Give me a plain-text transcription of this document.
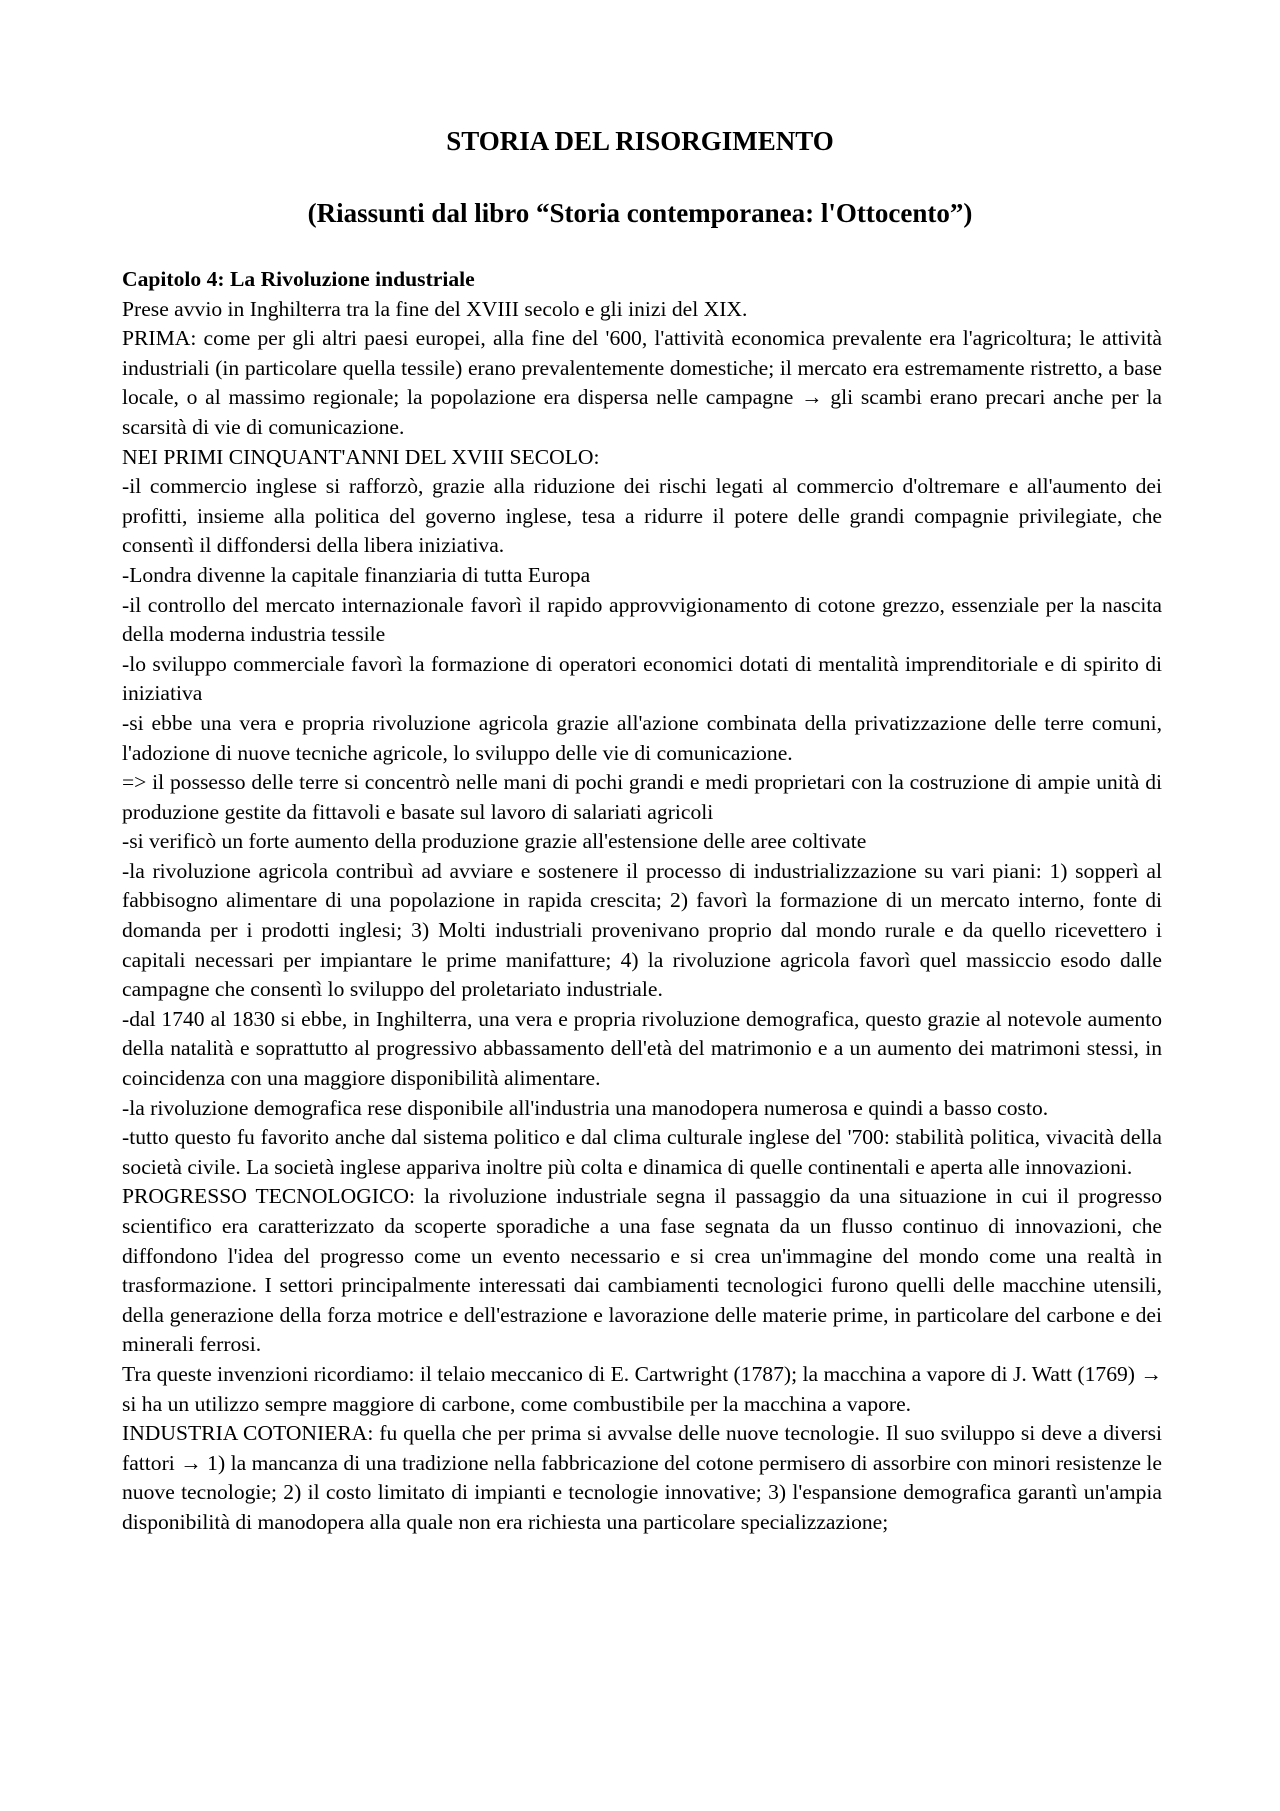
STORIA DEL RISORGIMENTO
(Riassunti dal libro “Storia contemporanea: l'Ottocento”)
Capitolo 4: La Rivoluzione industriale

Prese avvio in Inghilterra tra la fine del XVIII secolo e gli inizi del XIX.

PRIMA: come per gli altri paesi europei, alla fine del '600, l'attività economica prevalente era l'agricoltura; le attività industriali (in particolare quella tessile) erano prevalentemente domestiche; il mercato era estremamente ristretto, a base locale, o al massimo regionale; la popolazione era dispersa nelle campagne → gli scambi erano precari anche per la scarsità di vie di comunicazione.

NEI PRIMI CINQUANT'ANNI DEL XVIII SECOLO:

-il commercio inglese si rafforzò, grazie alla riduzione dei rischi legati al commercio d'oltremare e all'aumento dei profitti, insieme alla politica del governo inglese, tesa a ridurre il potere delle grandi compagnie privilegiate, che consentì il diffondersi della libera iniziativa.

-Londra divenne la capitale finanziaria di tutta Europa

-il controllo del mercato internazionale favorì il rapido approvvigionamento di cotone grezzo, essenziale per la nascita della moderna industria tessile

-lo sviluppo commerciale favorì la formazione di operatori economici dotati di mentalità imprenditoriale e di spirito di iniziativa

-si ebbe una vera e propria rivoluzione agricola grazie all'azione combinata della privatizzazione delle terre comuni, l'adozione di nuove tecniche agricole, lo sviluppo delle vie di comunicazione.

=> il possesso delle terre si concentrò nelle mani di pochi grandi e medi proprietari con la costruzione di ampie unità di produzione gestite da fittavoli e basate sul lavoro di salariati agricoli

-si verificò un forte aumento della produzione grazie all'estensione delle aree coltivate

-la rivoluzione agricola contribuì ad avviare e sostenere il processo di industrializzazione su vari piani: 1) sopperì al fabbisogno alimentare di una popolazione in rapida crescita; 2) favorì la formazione di un mercato interno, fonte di domanda per i prodotti inglesi; 3) Molti industriali provenivano proprio dal mondo rurale e da quello ricevettero i capitali necessari per impiantare le prime manifatture; 4) la rivoluzione agricola favorì quel massiccio esodo dalle campagne che consentì lo sviluppo del proletariato industriale.

-dal 1740 al 1830 si ebbe, in Inghilterra, una vera e propria rivoluzione demografica, questo grazie al notevole aumento della natalità e soprattutto al progressivo abbassamento dell'età del matrimonio e a un aumento dei matrimoni stessi, in coincidenza con una maggiore disponibilità alimentare.

-la rivoluzione demografica rese disponibile all'industria una manodopera numerosa e quindi a basso costo.

-tutto questo fu favorito anche dal sistema politico e dal clima culturale inglese del '700: stabilità politica, vivacità della società civile. La società inglese appariva inoltre più colta e dinamica di quelle continentali e aperta alle innovazioni.

PROGRESSO TECNOLOGICO: la rivoluzione industriale segna il passaggio da una situazione in cui il progresso scientifico era caratterizzato da scoperte sporadiche a una fase segnata da un flusso continuo di innovazioni, che diffondono l'idea del progresso come un evento necessario e si crea un'immagine del mondo come una realtà in trasformazione. I settori principalmente interessati dai cambiamenti tecnologici furono quelli delle macchine utensili, della generazione della forza motrice e dell'estrazione e lavorazione delle materie prime, in particolare del carbone e dei minerali ferrosi.

Tra queste invenzioni ricordiamo: il telaio meccanico di E. Cartwright (1787); la macchina a vapore di J. Watt (1769) → si ha un utilizzo sempre maggiore di carbone, come combustibile per la macchina a vapore.

INDUSTRIA COTONIERA: fu quella che per prima si avvalse delle nuove tecnologie. Il suo sviluppo si deve a diversi fattori → 1) la mancanza di una tradizione nella fabbricazione del cotone permisero di assorbire con minori resistenze le nuove tecnologie; 2) il costo limitato di impianti e tecnologie innovative; 3) l'espansione demografica garantì un'ampia disponibilità di manodopera alla quale non era richiesta una particolare specializzazione;
